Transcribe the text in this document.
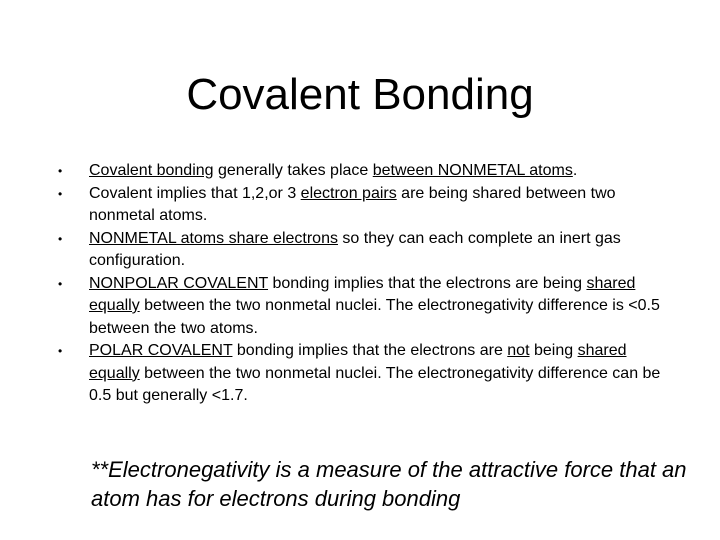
Covalent Bonding
• Covalent bonding generally takes place between NONMETAL atoms.
• Covalent implies that 1,2,or 3 electron pairs are being shared between two nonmetal atoms.
• NONMETAL atoms share electrons so they can each complete an inert gas configuration.
• NONPOLAR COVALENT bonding implies that the electrons are being shared equally between the two nonmetal nuclei. The electronegativity difference is <0.5 between the two atoms.
• POLAR COVALENT bonding implies that the electrons are not being shared equally between the two nonmetal nuclei. The electronegativity difference can be 0.5 but generally <1.7.
**Electronegativity is a measure of the attractive force that an atom has for electrons during bonding
